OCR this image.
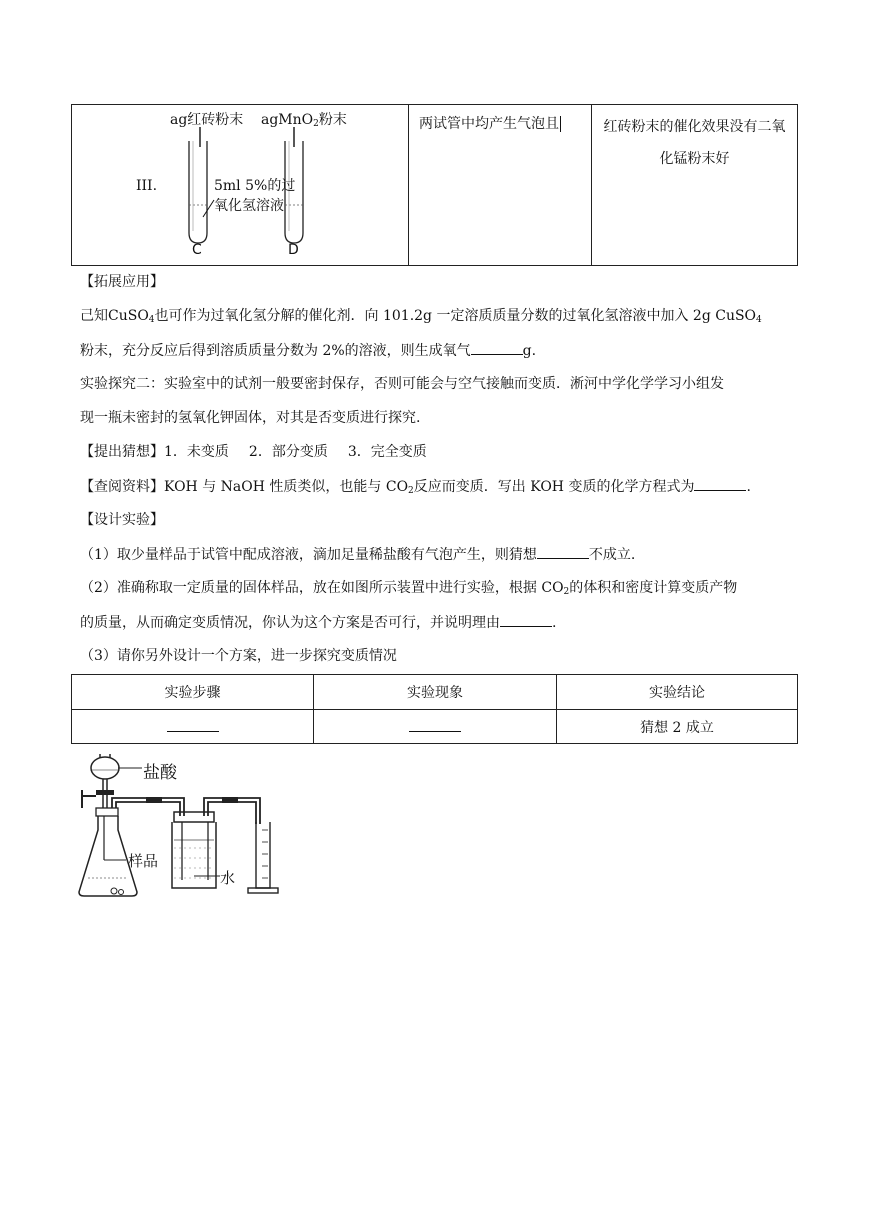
III.
ag红砖粉末 agMnO$_2$粉末
5ml 5%的过
氧化氢溶液
C	D
	两试管中均产生气泡且	红砖粉末的催化效果没有二氧
化锰粉末好
【拓展应用】
己知CuSO$_4$也可作为过氧化氢分解的催化剂．向 101.2g 一定溶质质量分数的过氧化氢溶液中加入 2g CuSO$_4$
粉末，充分反应后得到溶质质量分数为 2%的溶液，则生成氧气	g.
实验探究二：实验室中的试剂一般要密封保存，否则可能会与空气接触而变质．淅河中学化学学习小组发
现一瓶未密封的氢氧化钾固体，对其是否变质进行探究.
【提出猜想】1．未变质 2．部分变质 3．完全变质
【查阅资料】KOH 与 NaOH 性质类似，也能与 $CO_2$反应而变质．写出 KOH 变质的化学方程式为	.
【设计实验】
（1）取少量样品于试管中配成溶液，滴加足量稀盐酸有气泡产生，则猜想	不成立.
（2）准确称取一定质量的固体样品，放在如图所示装置中进行实验，根据 $CO_2$的体积和密度计算变质产物
的质量，从而确定变质情况，你认为这个方案是否可行，并说明理由	.
（3）请你另外设计一个方案，进一步探究变质情况
实验步骤	实验现象	实验结论
		猜想 2 成立
盐酸
样品
水
